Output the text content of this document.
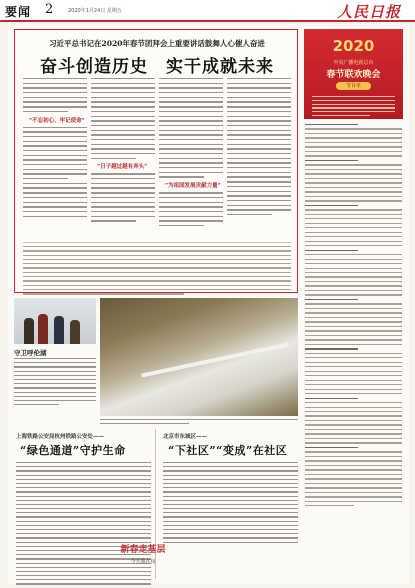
要闻 2	2020年1月24日 星期五	人民日报
习近平总书记在2020年春节团拜会上重要讲话鼓舞人心催人奋进
奋斗创造历史　实干成就未来
“不忘初心、牢记使命”
“日子越过越有奔头”
“为祖国发展贡献力量”
2020
中央广播电视总台
春节联欢晚会
节目单
守卫呼伦湖
上海铁路公安局杭州铁路公安处——
“绿色通道”守护生命
北京市东城区——
“下社区”“变成”在社区
新春走基层
今天我在岗
